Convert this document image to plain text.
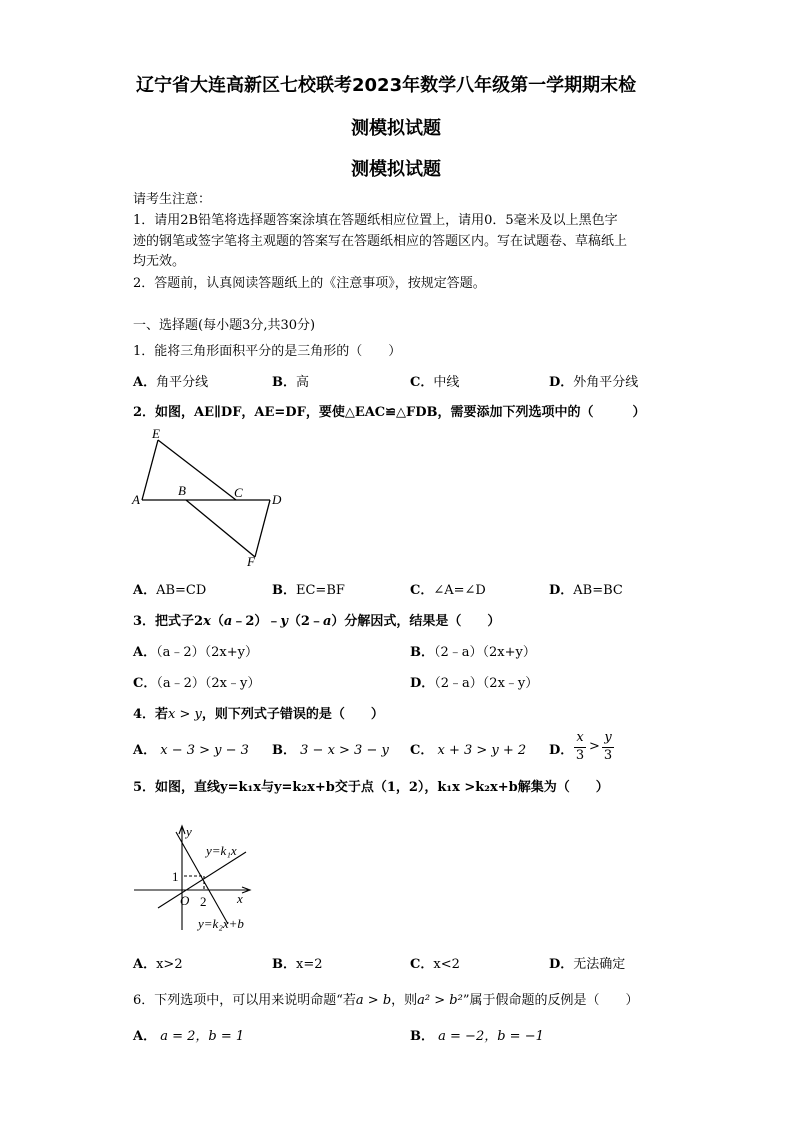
辽宁省大连高新区七校联考2023年数学八年级第一学期期末检
测模拟试题
测模拟试题
请考生注意：
1．请用2B铅笔将选择题答案涂填在答题纸相应位置上，请用0．5毫米及以上黑色字
迹的钢笔或签字笔将主观题的答案写在答题纸相应的答题区内。写在试题卷、草稿纸上
均无效。
2．答题前，认真阅读答题纸上的《注意事项》，按规定答题。
一、选择题(每小题3分,共30分)
1．能将三角形面积平分的是三角形的（　　）
A．角平分线	B．高	C．中线	D．外角平分线
2．如图，AE∥DF，AE=DF，要使△EAC≌△FDB，需要添加下列选项中的（　　　）
E
A
B	C D
F
A．AB=CD	B．EC=BF	C．∠A=∠D	D．AB=BC
3．把式子2x（a﹣2）﹣y（2﹣a）分解因式，结果是（　　）
A．（a﹣2）（2x+y）	B．（2﹣a）（2x+y）
C．（a﹣2）（2x﹣y）	D．（2﹣a）（2x﹣y）
4．若x > y，则下列式子错误的是（　　）
A． x − 3 > y − 3 B． 3 − x > 3 − y C． x + 3 > y + 2 D．
x
3
>
y
3
5．如图，直线y=k₁x与y=k₂x+b交于点（1，2），k₁x >k₂x+b解集为（　　）
y
x
O
1
2
y=k₁x
y=k₂x+b
A．x>2	B．x=2	C．x<2	D．无法确定
6．下列选项中，可以用来说明命题“若a > b，则a² > b²”属于假命题的反例是（　　）
A． a = 2，b = 1	B． a = −2，b = −1
